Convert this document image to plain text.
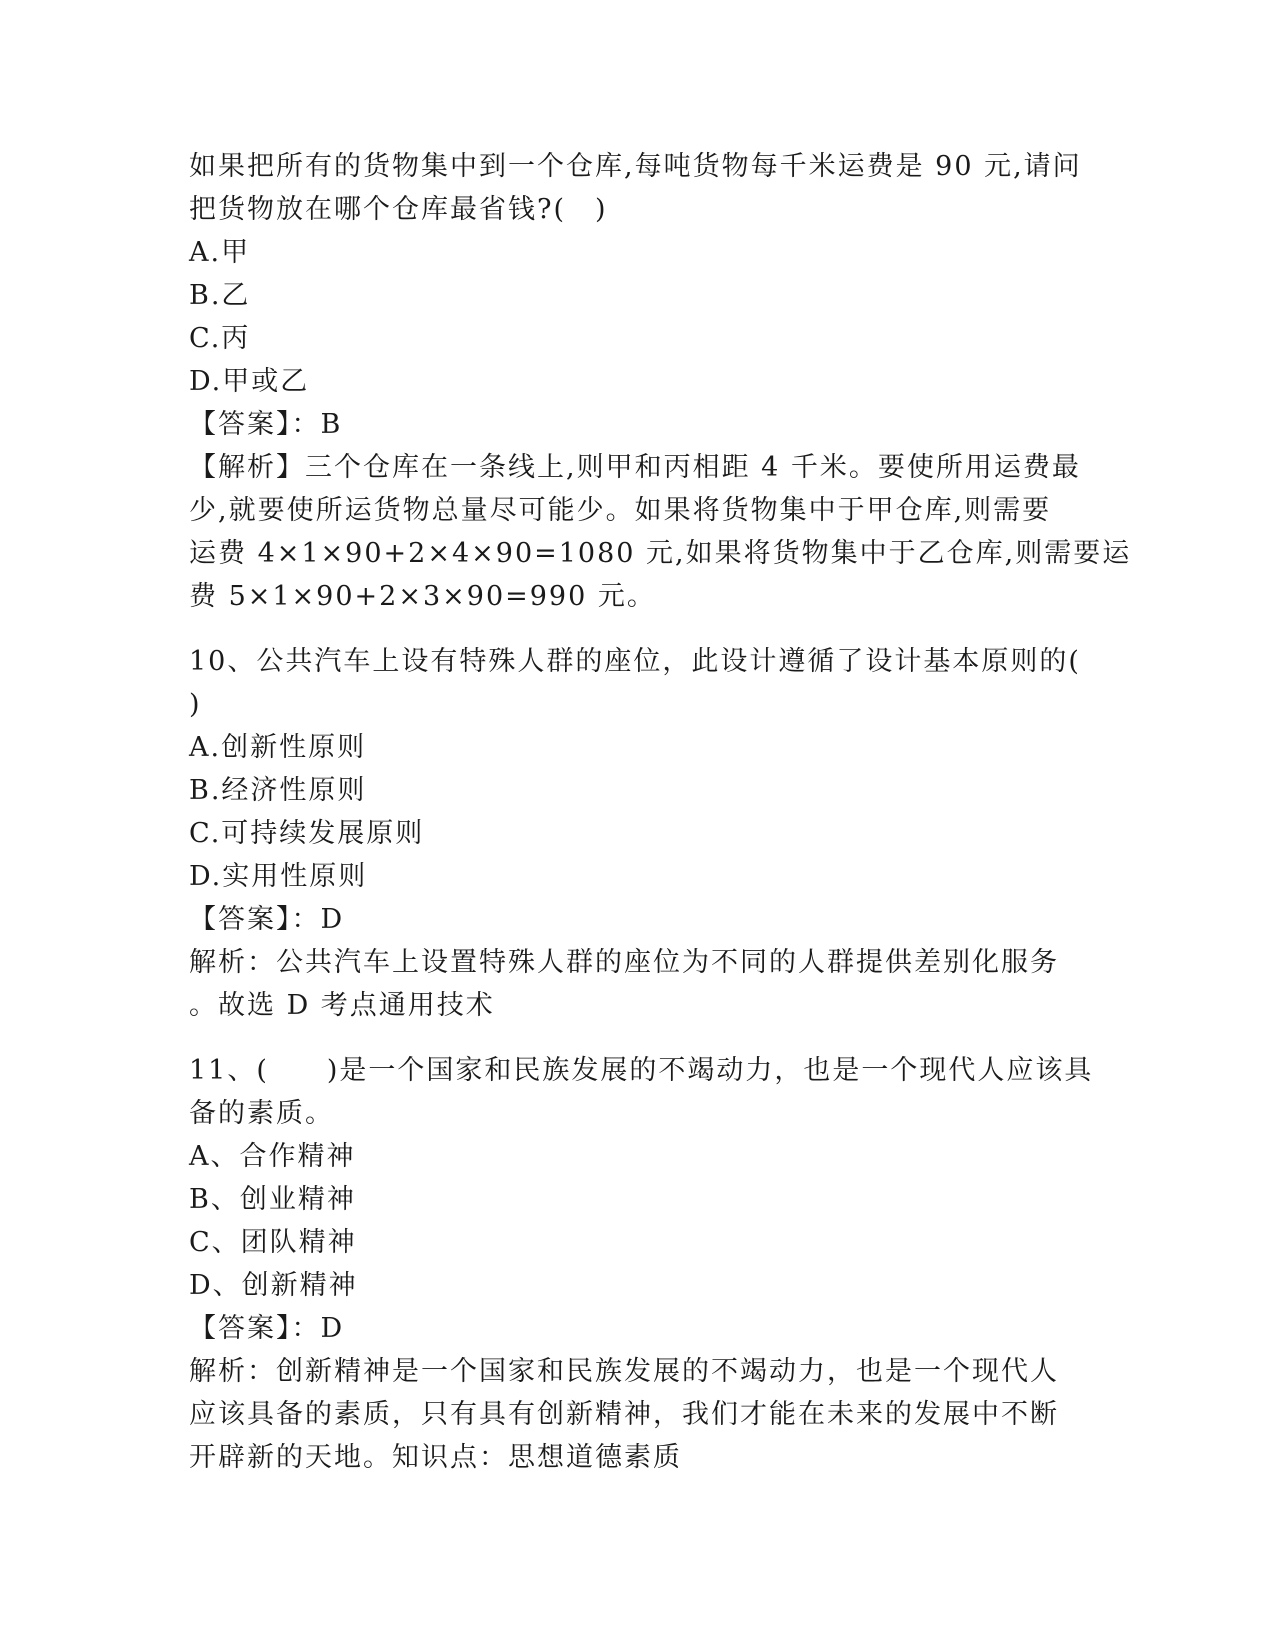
如果把所有的货物集中到一个仓库,每吨货物每千米运费是 90 元,请问
把货物放在哪个仓库最省钱?(　)
A.甲
B.乙
C.丙
D.甲或乙
【答案】：B
【解析】三个仓库在一条线上,则甲和丙相距 4 千米。要使所用运费最
少,就要使所运货物总量尽可能少。如果将货物集中于甲仓库,则需要
运费 4×1×90+2×4×90=1080 元,如果将货物集中于乙仓库,则需要运
费 5×1×90+2×3×90=990 元。
10、公共汽车上设有特殊人群的座位，此设计遵循了设计基本原则的(
)
A.创新性原则
B.经济性原则
C.可持续发展原则
D.实用性原则
【答案】：D
解析：公共汽车上设置特殊人群的座位为不同的人群提供差别化服务
。故选 D 考点通用技术
11、(　　)是一个国家和民族发展的不竭动力，也是一个现代人应该具
备的素质。
A、合作精神
B、创业精神
C、团队精神
D、创新精神
【答案】：D
解析：创新精神是一个国家和民族发展的不竭动力，也是一个现代人
应该具备的素质，只有具有创新精神，我们才能在未来的发展中不断
开辟新的天地。知识点：思想道德素质
